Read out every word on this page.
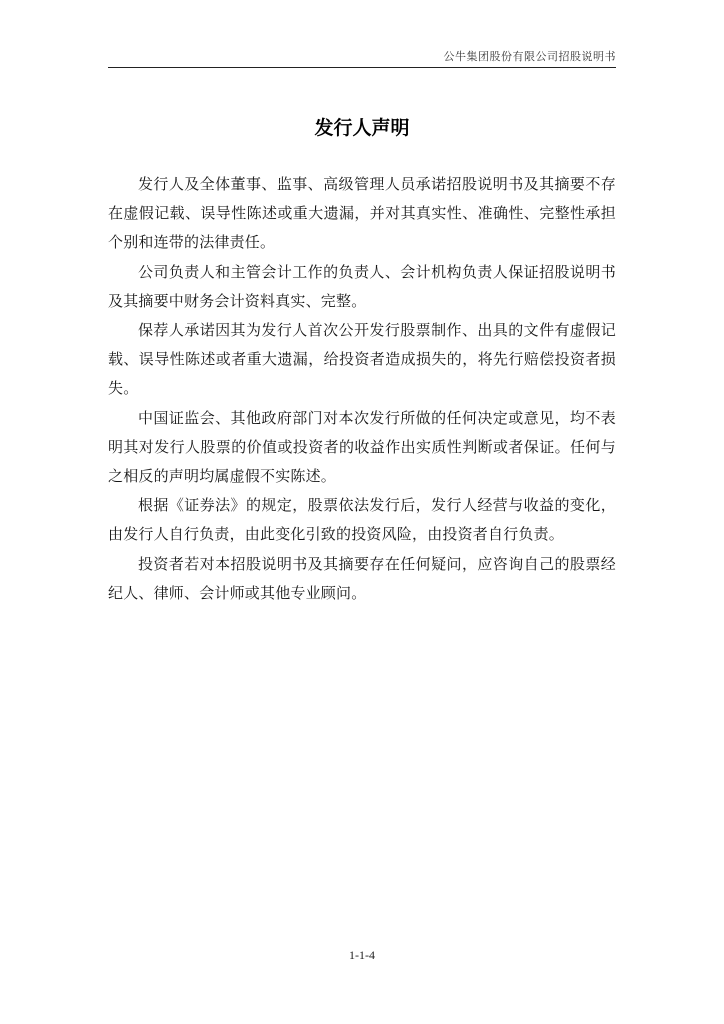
公牛集团股份有限公司招股说明书
发行人声明

发行人及全体董事、监事、高级管理人员承诺招股说明书及其摘要不存在虚假记载、误导性陈述或重大遗漏，并对其真实性、准确性、完整性承担个别和连带的法律责任。

公司负责人和主管会计工作的负责人、会计机构负责人保证招股说明书及其摘要中财务会计资料真实、完整。

保荐人承诺因其为发行人首次公开发行股票制作、出具的文件有虚假记载、误导性陈述或者重大遗漏，给投资者造成损失的，将先行赔偿投资者损失。

中国证监会、其他政府部门对本次发行所做的任何决定或意见，均不表明其对发行人股票的价值或投资者的收益作出实质性判断或者保证。任何与之相反的声明均属虚假不实陈述。

根据《证券法》的规定，股票依法发行后，发行人经营与收益的变化，由发行人自行负责，由此变化引致的投资风险，由投资者自行负责。

投资者若对本招股说明书及其摘要存在任何疑问，应咨询自己的股票经纪人、律师、会计师或其他专业顾问。

1-1-4
